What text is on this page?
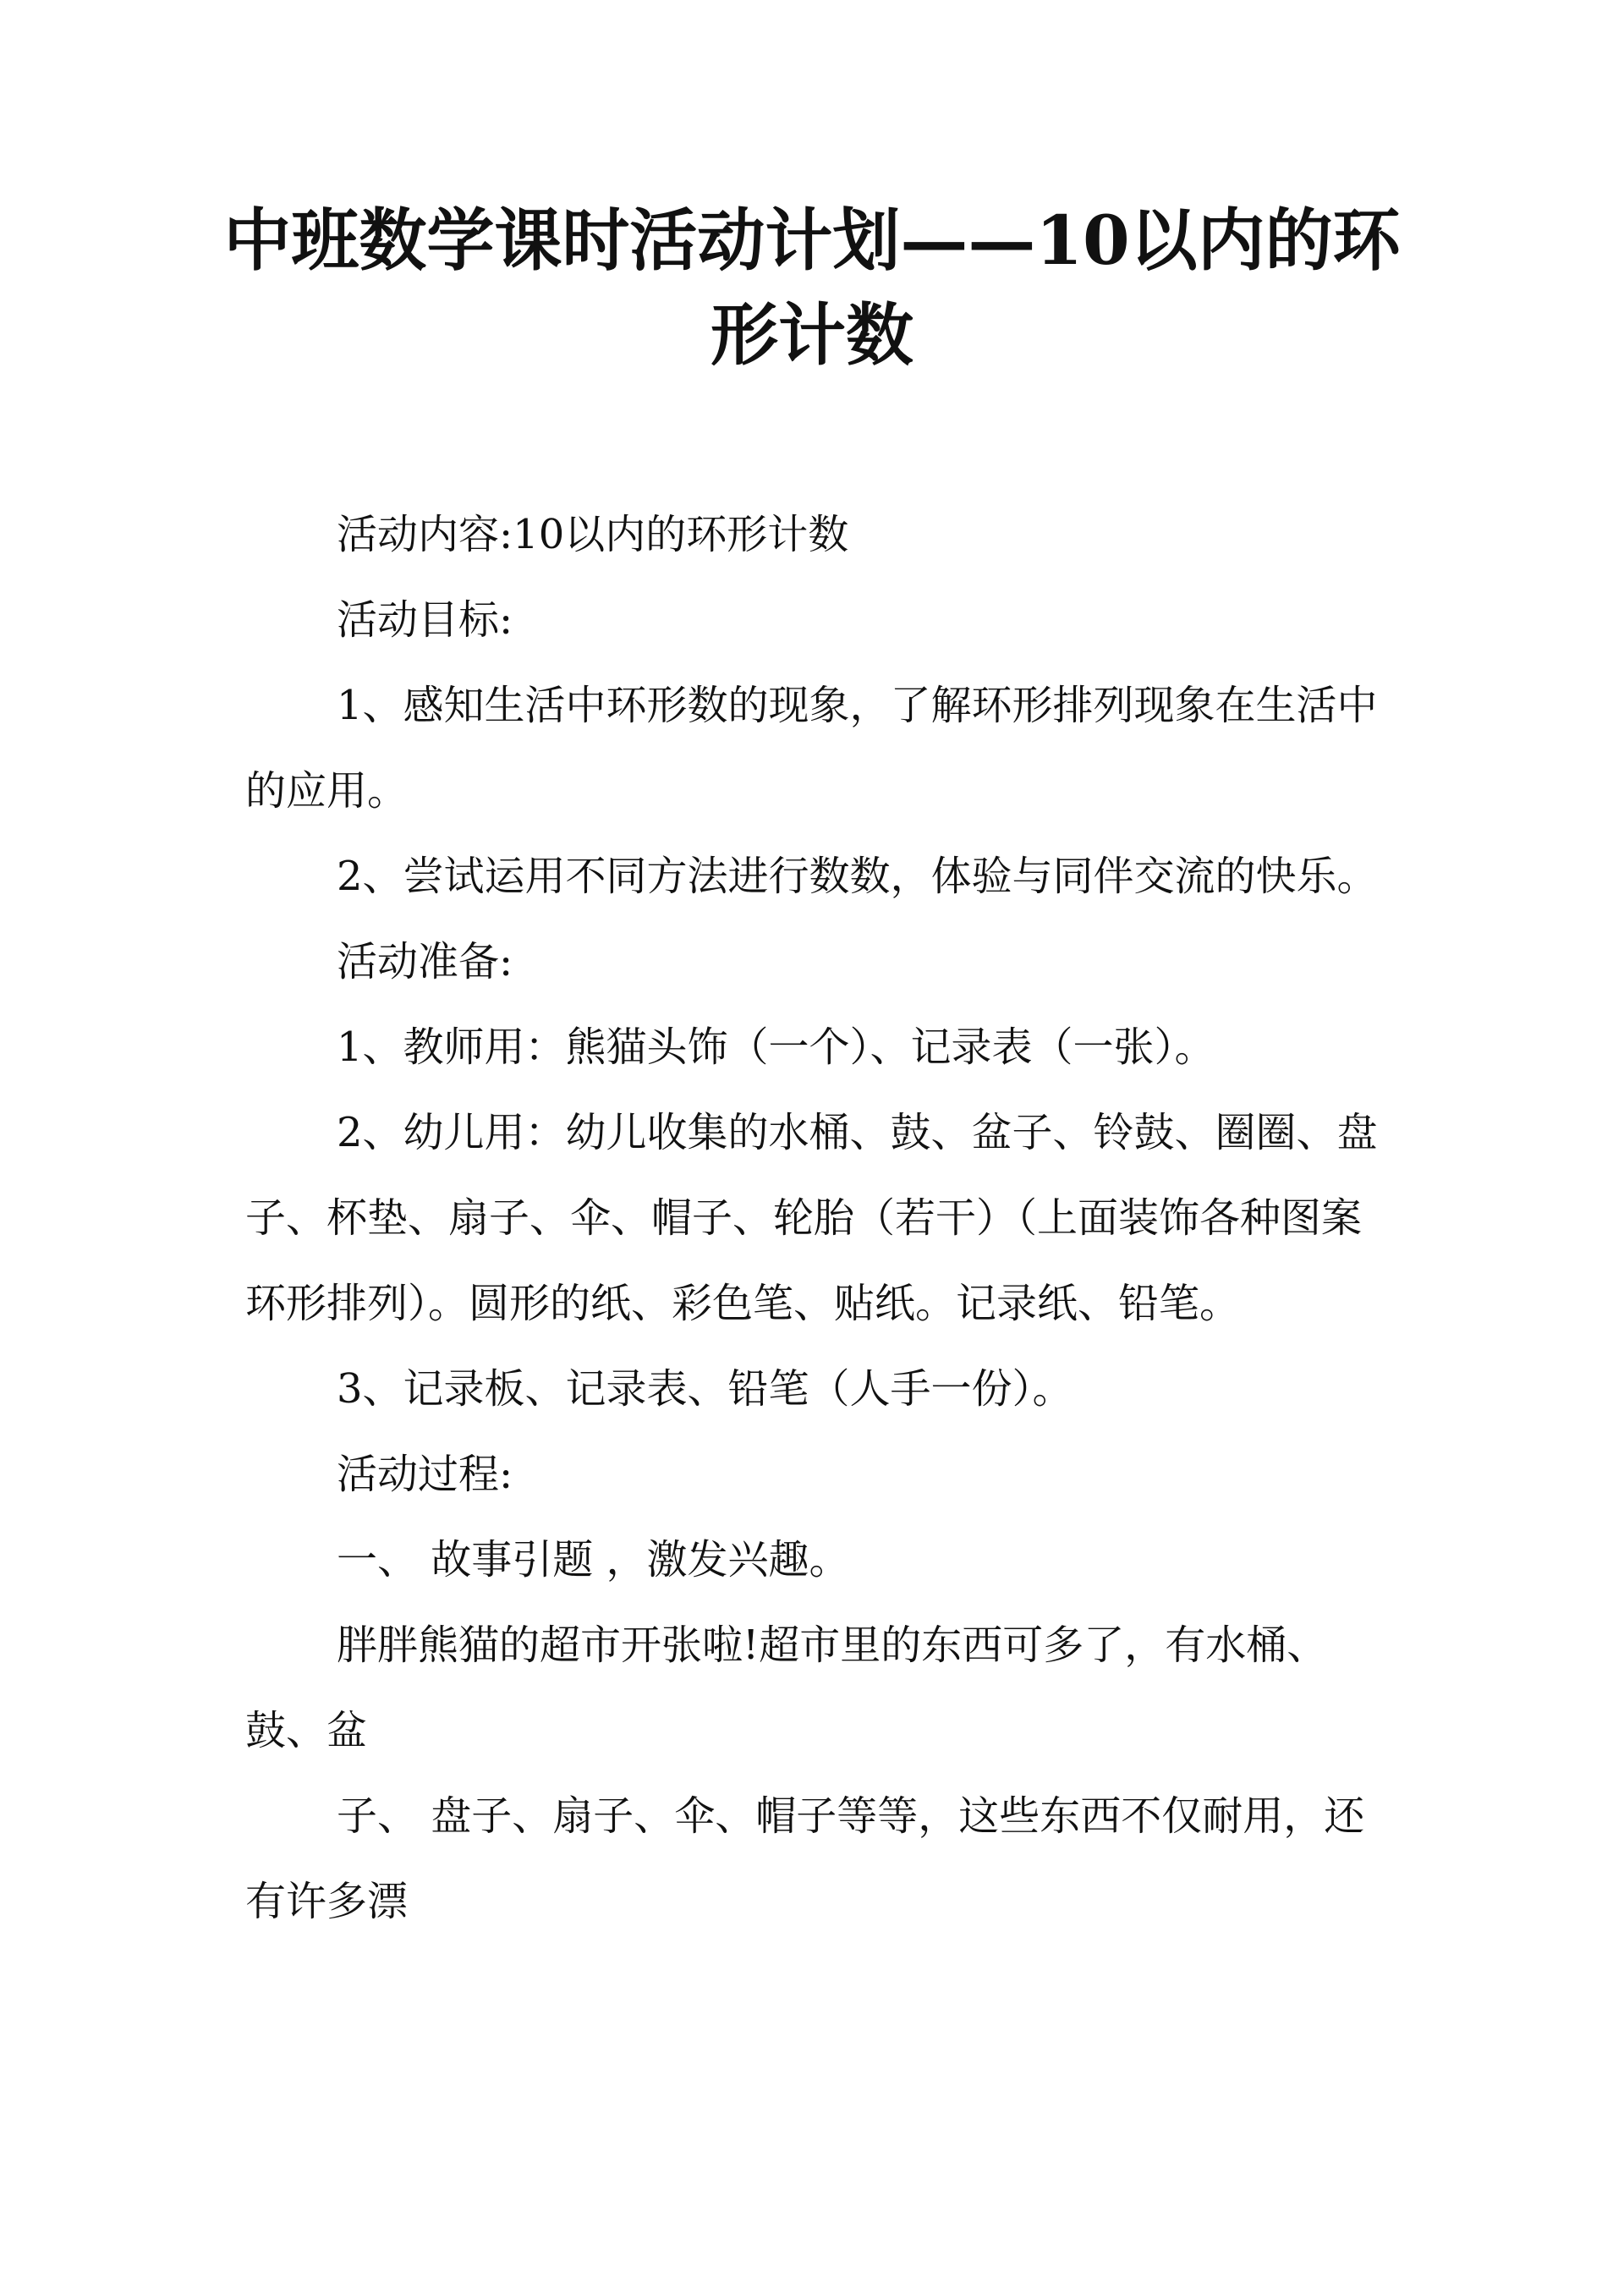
中班数学课时活动计划——10以内的环形计数

活动内容:10以内的环形计数

活动目标:

1、感知生活中环形数的现象，了解环形排列现象在生活中的应用。

2、尝试运用不同方法进行数数，体验与同伴交流的快乐。

活动准备:

1、教师用：熊猫头饰（一个）、记录表（一张）。

2、幼儿用：幼儿收集的水桶、鼓、盆子、铃鼓、圈圈、盘子、杯垫、扇子、伞、帽子、轮胎（若干）（上面装饰各种图案环形排列）。圆形的纸、彩色笔、贴纸。记录纸、铅笔。

3、记录板、记录表、铅笔（人手一份）。

活动过程:

一、 故事引题 ，激发兴趣。

胖胖熊猫的超市开张啦!超市里的东西可多了，有水桶、鼓、盆

子、 盘子、扇子、伞、帽子等等，这些东西不仅耐用，还有许多漂
